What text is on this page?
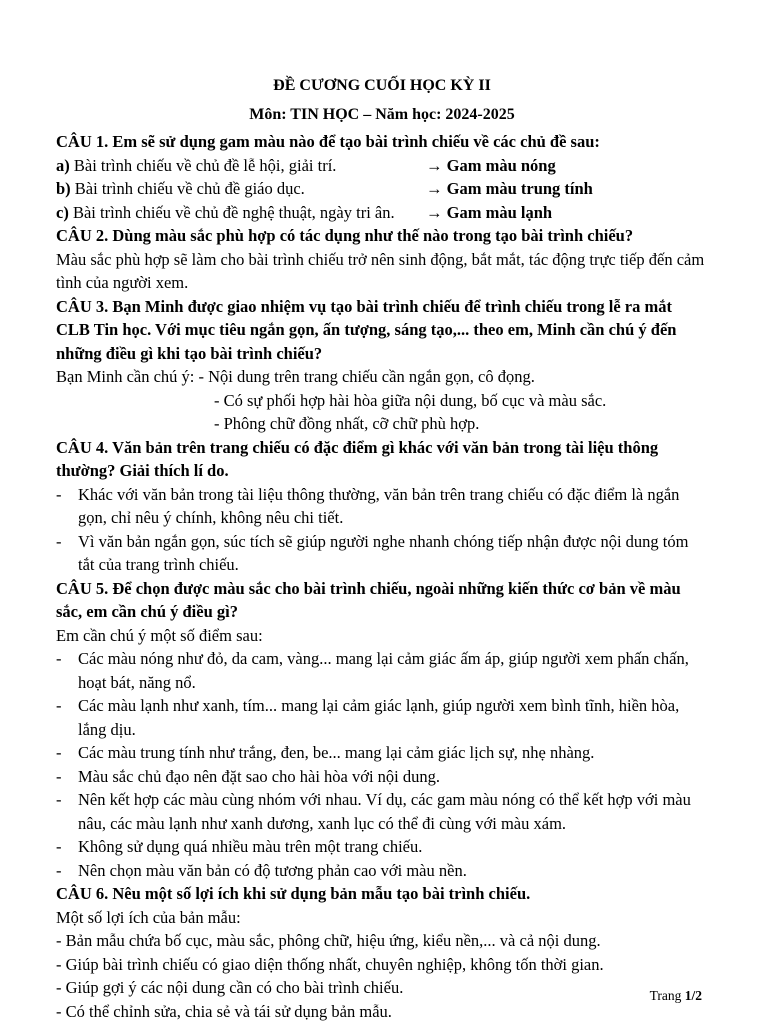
ĐỀ CƯƠNG CUỐI HỌC KỲ II

Môn: TIN HỌC – Năm học: 2024-2025

CÂU 1. Em sẽ sử dụng gam màu nào để tạo bài trình chiếu về các chủ đề sau:

a) Bài trình chiếu về chủ đề lễ hội, giải trí.	→ Gam màu nóng
b) Bài trình chiếu về chủ đề giáo dục.	→ Gam màu trung tính
c) Bài trình chiếu về chủ đề nghệ thuật, ngày tri ân.	→ Gam màu lạnh

CÂU 2. Dùng màu sắc phù hợp có tác dụng như thế nào trong tạo bài trình chiếu?

Màu sắc phù hợp sẽ làm cho bài trình chiếu trở nên sinh động, bắt mắt, tác động trực tiếp đến cảm tình của người xem.

CÂU 3. Bạn Minh được giao nhiệm vụ tạo bài trình chiếu để trình chiếu trong lễ ra mắt CLB Tin học. Với mục tiêu ngắn gọn, ấn tượng, sáng tạo,... theo em, Minh cần chú ý đến những điều gì khi tạo bài trình chiếu?

Bạn Minh cần chú ý: - Nội dung trên trang chiếu cần ngắn gọn, cô đọng.

- Có sự phối hợp hài hòa giữa nội dung, bố cục và màu sắc.

- Phông chữ đồng nhất, cỡ chữ phù hợp.

CÂU 4. Văn bản trên trang chiếu có đặc điểm gì khác với văn bản trong tài liệu thông thường? Giải thích lí do.

-	Khác với văn bản trong tài liệu thông thường, văn bản trên trang chiếu có đặc điểm là ngắn gọn, chỉ nêu ý chính, không nêu chi tiết.
-	Vì văn bản ngắn gọn, súc tích sẽ giúp người nghe nhanh chóng tiếp nhận được nội dung tóm tắt của trang trình chiếu.

CÂU 5. Để chọn được màu sắc cho bài trình chiếu, ngoài những kiến thức cơ bản về màu sắc, em cần chú ý điều gì?

Em cần chú ý một số điểm sau:

-	Các màu nóng như đỏ, da cam, vàng... mang lại cảm giác ấm áp, giúp người xem phấn chấn, hoạt bát, năng nổ.
-	Các màu lạnh như xanh, tím... mang lại cảm giác lạnh, giúp người xem bình tĩnh, hiền hòa, lắng dịu.
-	Các màu trung tính như trắng, đen, be... mang lại cảm giác lịch sự, nhẹ nhàng.
-	Màu sắc chủ đạo nên đặt sao cho hài hòa với nội dung.
-	Nên kết hợp các màu cùng nhóm với nhau. Ví dụ, các gam màu nóng có thể kết hợp với màu nâu, các màu lạnh như xanh dương, xanh lục có thể đi cùng với màu xám.
-	Không sử dụng quá nhiều màu trên một trang chiếu.
-	Nên chọn màu văn bản có độ tương phản cao với màu nền.

CÂU 6. Nêu một số lợi ích khi sử dụng bản mẫu tạo bài trình chiếu.

Một số lợi ích của bản mẫu:

- Bản mẫu chứa bố cục, màu sắc, phông chữ, hiệu ứng, kiểu nền,... và cả nội dung.

- Giúp bài trình chiếu có giao diện thống nhất, chuyên nghiệp, không tốn thời gian.

- Giúp gợi ý các nội dung cần có cho bài trình chiếu.

- Có thể chỉnh sửa, chia sẻ và tái sử dụng bản mẫu.

Trang 1/2
